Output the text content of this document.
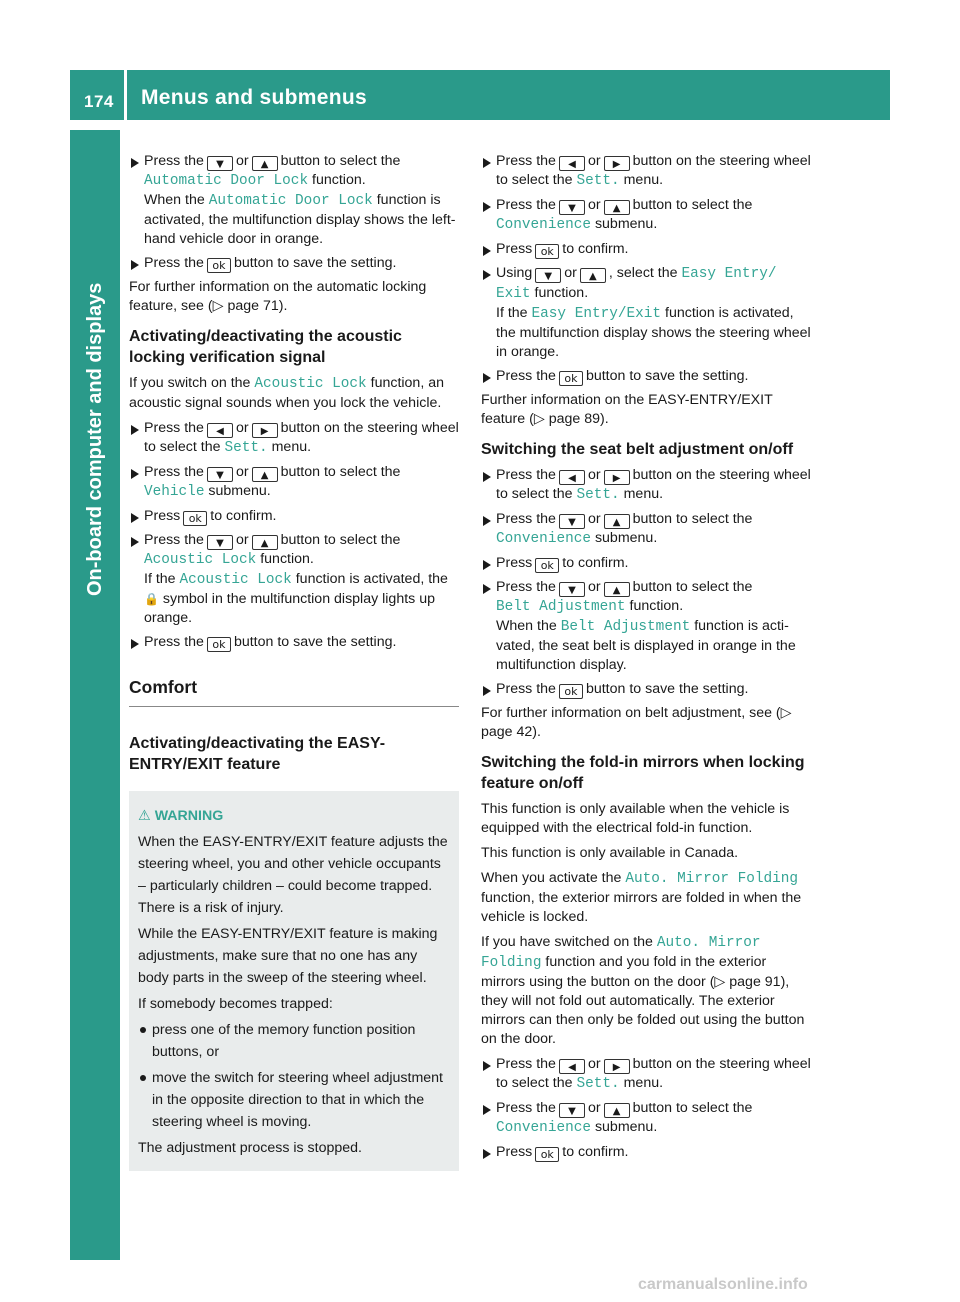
174 Menus and submenus
On-board computer and displays
Press the ▼ or ▲ button to select the Automatic Door Lock function.
When the Automatic Door Lock function is activated, the multifunction display shows the left-hand vehicle door in orange.
Press the ok button to save the setting.

For further information on the automatic locking feature, see (▷ page 71).

Activating/deactivating the acoustic locking verification signal

If you switch on the Acoustic Lock function, an acoustic signal sounds when you lock the vehicle.

Press the ◀ or ▶ button on the steering wheel to select the Sett. menu.
Press the ▼ or ▲ button to select the
Vehicle submenu.
Press ok to confirm.
Press the ▼ or ▲ button to select the
Acoustic Lock function.
If the Acoustic Lock function is activated, the 🔒 symbol in the multifunction display lights up orange.
Press the ok button to save the setting.
Comfort
Activating/deactivating the EASY-ENTRY/EXIT feature
⚠ WARNING

When the EASY-ENTRY/EXIT feature adjusts the steering wheel, you and other vehicle occupants – particularly children – could become trapped. There is a risk of injury.

While the EASY-ENTRY/EXIT feature is making adjustments, make sure that no one has any body parts in the sweep of the steering wheel.

If somebody becomes trapped:

press one of the memory function position buttons, or
move the switch for steering wheel adjustment in the opposite direction to that in which the steering wheel is moving.

The adjustment process is stopped.

Press the ◀ or ▶ button on the steering wheel to select the Sett. menu.
Press the ▼ or ▲ button to select the
Convenience submenu.
Press ok to confirm.
Using ▼ or ▲ , select the Easy Entry/ Exit function.
If the Easy Entry/Exit function is activated, the multifunction display shows the steering wheel in orange.
Press the ok button to save the setting.

Further information on the EASY-ENTRY/EXIT feature (▷ page 89).

Switching the seat belt adjustment on/off
Press the ◀ or ▶ button on the steering wheel to select the Sett. menu.
Press the ▼ or ▲ button to select the
Convenience submenu.
Press ok to confirm.
Press the ▼ or ▲ button to select the
Belt Adjustment function.
When the Belt Adjustment function is activated, the seat belt is displayed in orange in the multifunction display.
Press the ok button to save the setting.

For further information on belt adjustment, see (▷ page 42).

Switching the fold-in mirrors when locking feature on/off

This function is only available when the vehicle is equipped with the electrical fold-in function.

This function is only available in Canada.

When you activate the Auto. Mirror Folding function, the exterior mirrors are folded in when the vehicle is locked.

If you have switched on the Auto. Mirror Folding function and you fold in the exterior mirrors using the button on the door (▷ page 91), they will not fold out automatically. The exterior mirrors can then only be folded out using the button on the door.

Press the ◀ or ▶ button on the steering wheel to select the Sett. menu.
Press the ▼ or ▲ button to select the
Convenience submenu.
Press ok to confirm.
carmanualsonline.info
